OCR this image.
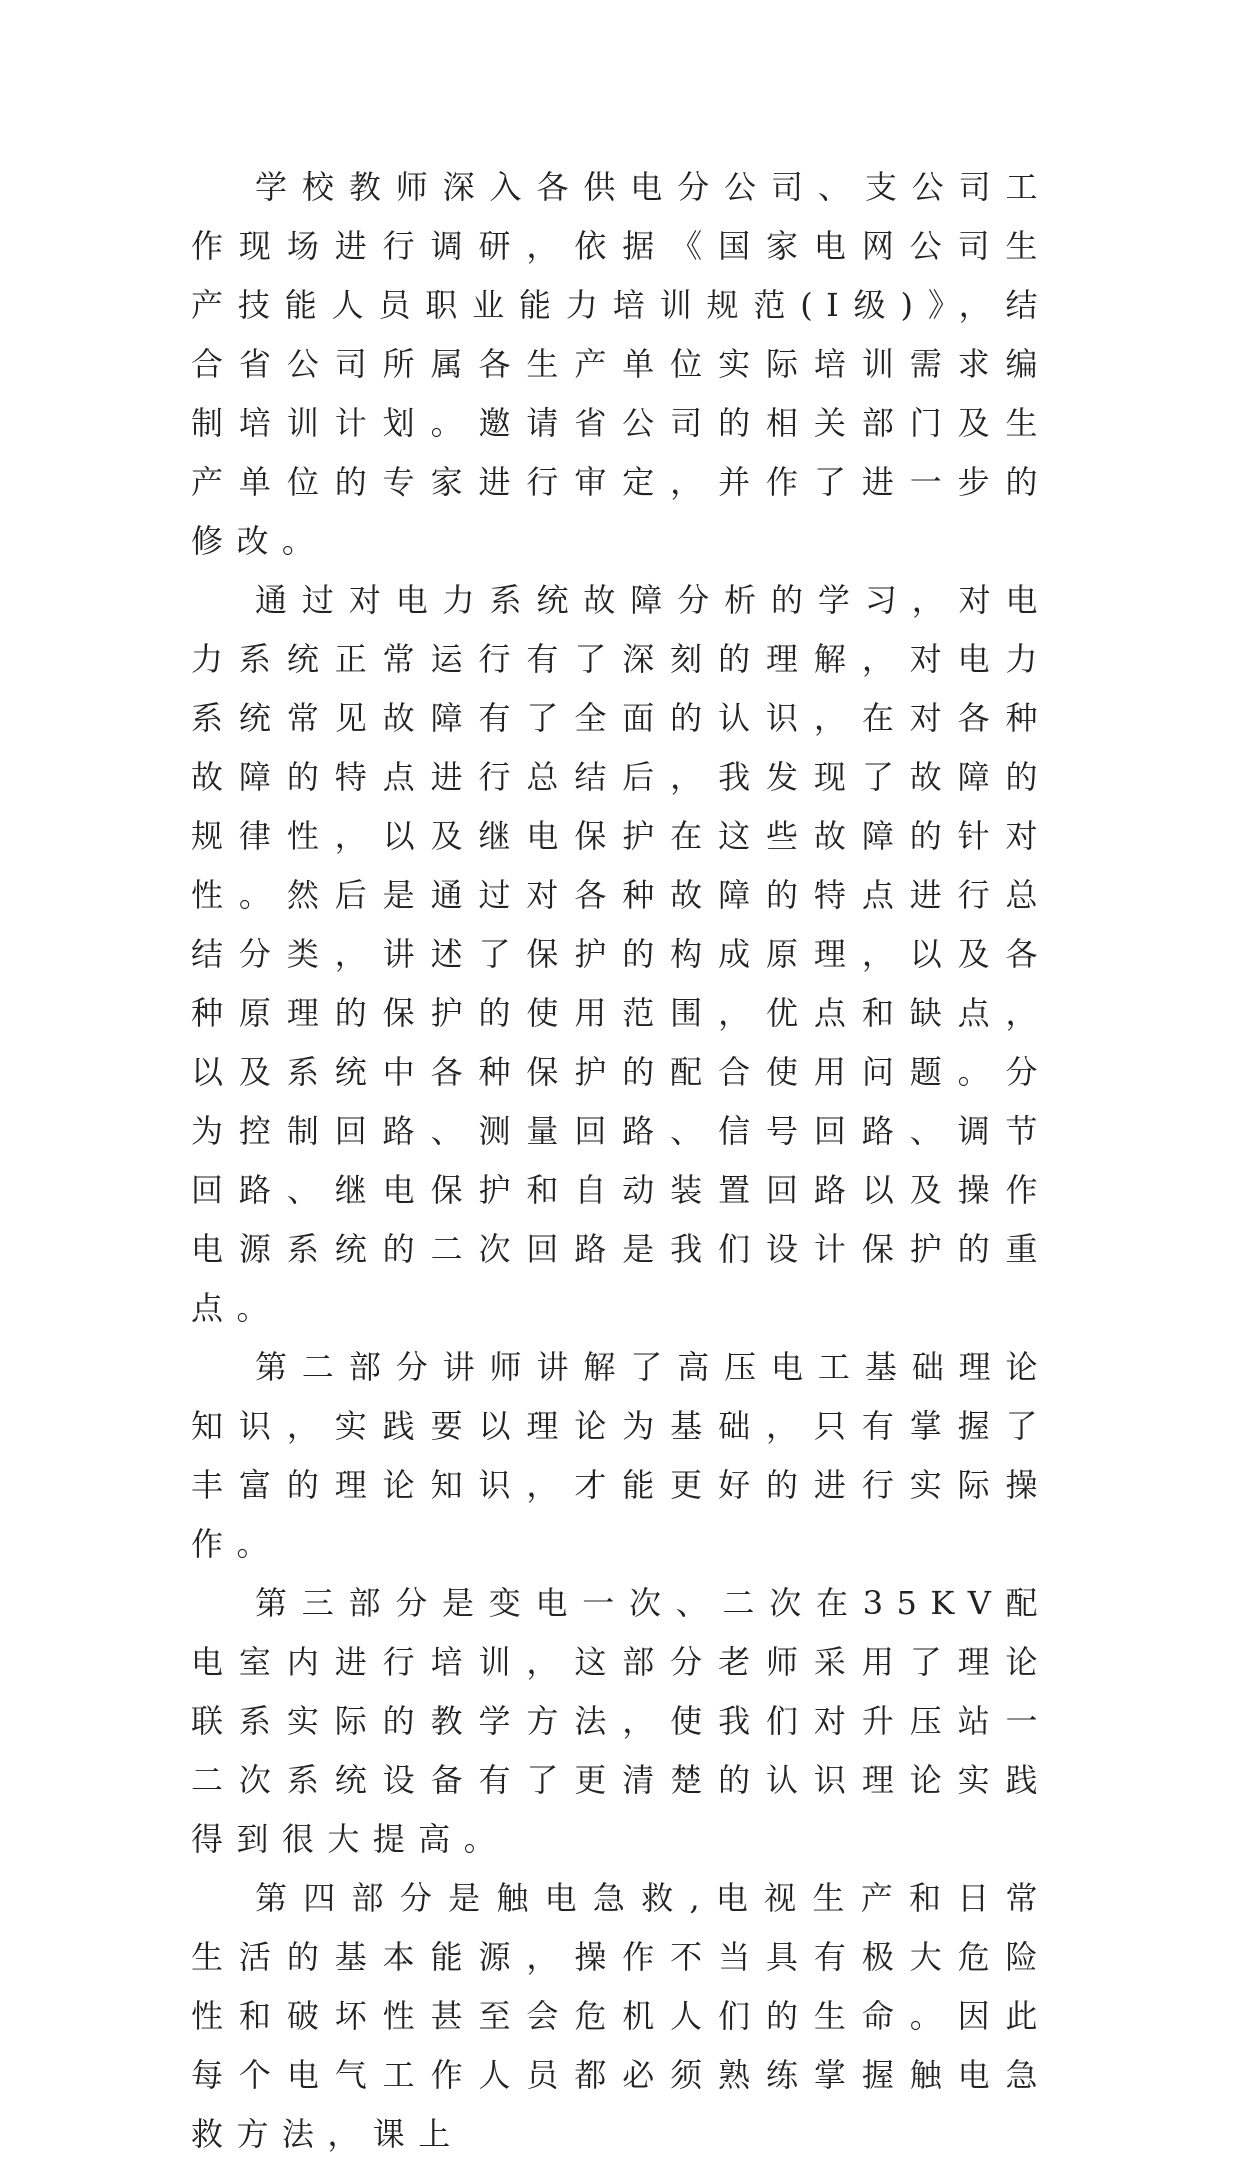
学校教师深入各供电分公司、支公司工作现场进行调研，依据《国家电网公司生产技能人员职业能力培训规范(I级)》，结合省公司所属各生产单位实际培训需求编制培训计划。邀请省公司的相关部门及生产单位的专家进行审定，并作了进一步的修改。

通过对电力系统故障分析的学习，对电力系统正常运行有了深刻的理解，对电力系统常见故障有了全面的认识，在对各种故障的特点进行总结后，我发现了故障的规律性，以及继电保护在这些故障的针对性。然后是通过对各种故障的特点进行总结分类，讲述了保护的构成原理，以及各种原理的保护的使用范围，优点和缺点，以及系统中各种保护的配合使用问题。分为控制回路、测量回路、信号回路、调节回路、继电保护和自动装置回路以及操作电源系统的二次回路是我们设计保护的重点。

第二部分讲师讲解了高压电工基础理论知识，实践要以理论为基础，只有掌握了丰富的理论知识，才能更好的进行实际操作。

第三部分是变电一次、二次在35KV配电室内进行培训，这部分老师采用了理论联系实际的教学方法，使我们对升压站一二次系统设备有了更清楚的认识理论实践得到很大提高。

第四部分是触电急救,电视生产和日常生活的基本能源，操作不当具有极大危险性和破坏性甚至会危机人们的生命。因此每个电气工作人员都必须熟练掌握触电急救方法，课上
